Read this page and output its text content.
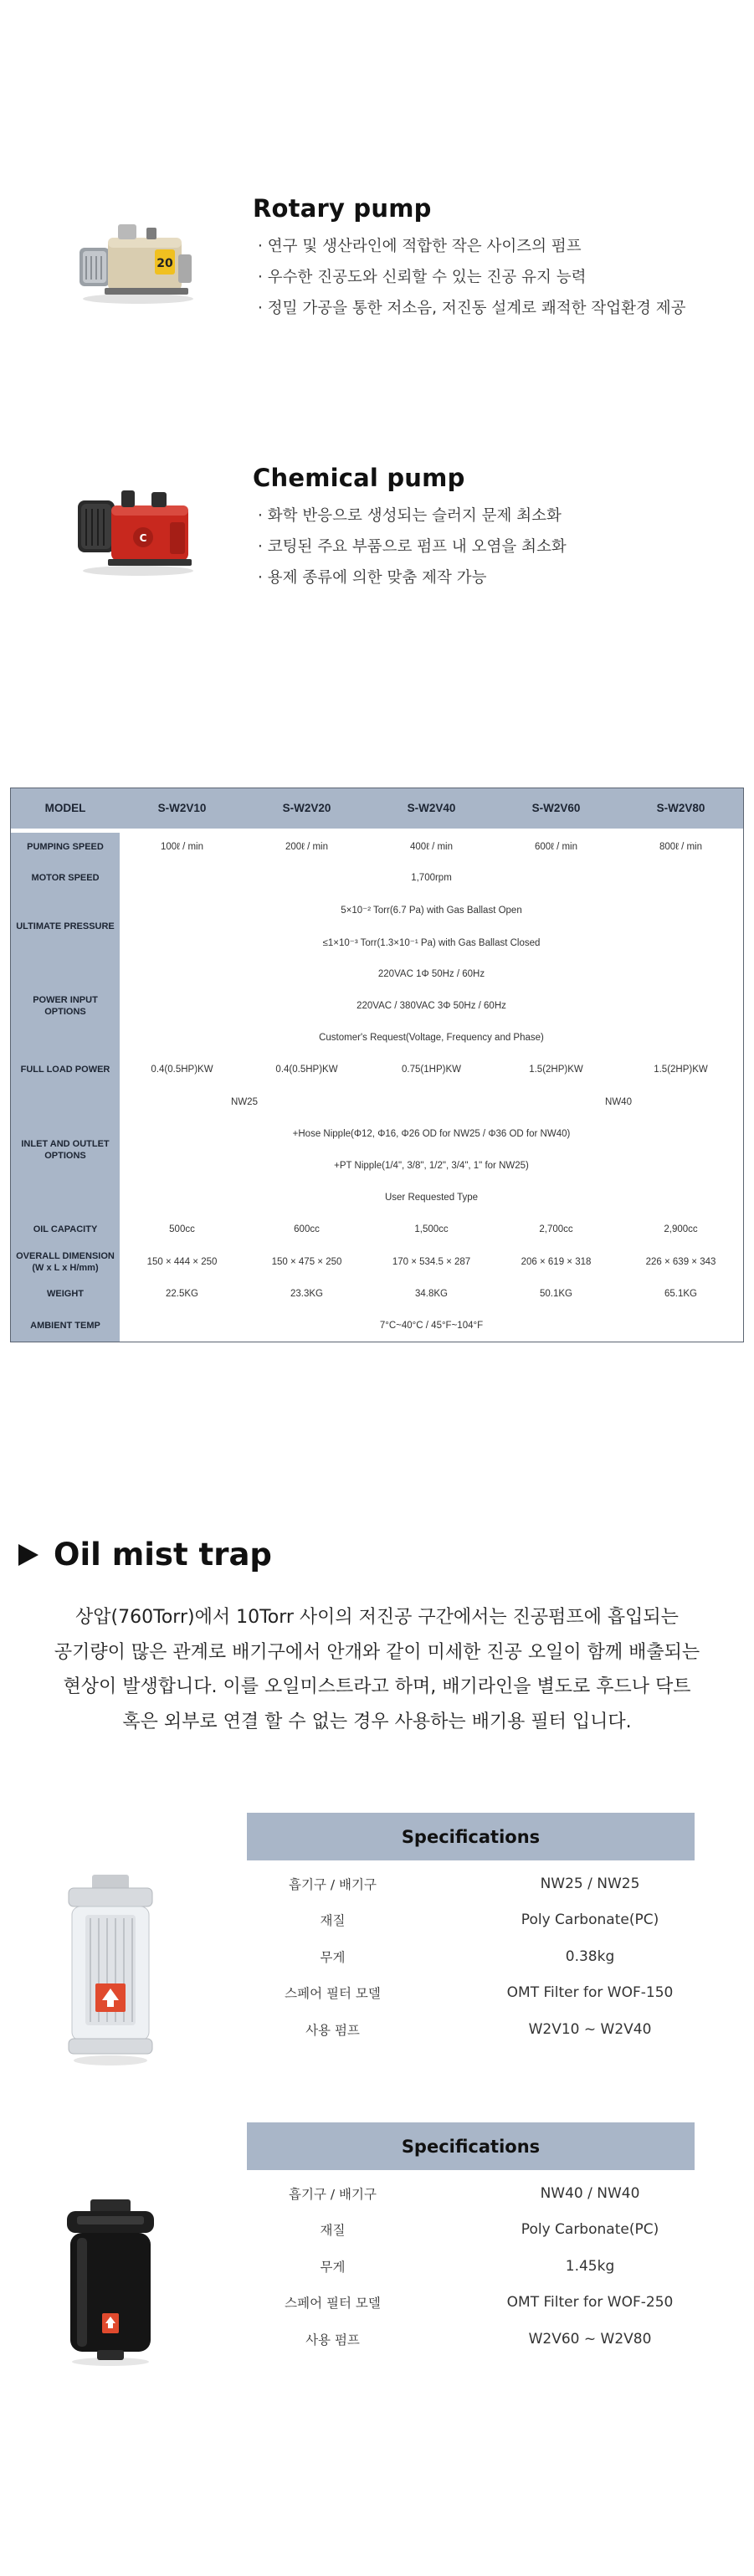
20
Rotary pump
· 연구 및 생산라인에 적합한 작은 사이즈의 펌프
· 우수한 진공도와 신뢰할 수 있는 진공 유지 능력
· 정밀 가공을 통한 저소음, 저진동 설계로 쾌적한 작업환경 제공
C
Chemical pump
· 화학 반응으로 생성되는 슬러지 문제 최소화
· 코팅된 주요 부품으로 펌프 내 오염을 최소화
· 용제 종류에 의한 맞춤 제작 가능
MODEL	S-W2V10	S-W2V20	S-W2V40	S-W2V60	S-W2V80
PUMPING SPEED	100ℓ / min	200ℓ / min	400ℓ / min	600ℓ / min	800ℓ / min
MOTOR SPEED	1,700rpm				
ULTIMATE PRESSURE	5×10⁻² Torr(6.7 Pa) with Gas Ballast Open				
	≤1×10⁻³ Torr(1.3×10⁻¹ Pa) with Gas Ballast Closed				
POWER INPUT OPTIONS	220VAC 1Φ 50Hz / 60Hz				
	220VAC / 380VAC 3Φ 50Hz / 60Hz				
	Customer's Request(Voltage, Frequency and Phase)				
FULL LOAD POWER	0.4(0.5HP)KW	0.4(0.5HP)KW	0.75(1HP)KW	1.5(2HP)KW	1.5(2HP)KW
INLET AND OUTLET OPTIONS	NW25			NW40	
	+Hose Nipple(Φ12, Φ16, Φ26 OD for NW25 / Φ36 OD for NW40)				
	+PT Nipple(1/4", 3/8", 1/2", 3/4", 1" for NW25)				
	User Requested Type				
OIL CAPACITY	500cc	600cc	1,500cc	2,700cc	2,900cc
OVERALL DIMENSION (W x L x H/mm)	150 × 444 × 250	150 × 475 × 250	170 × 534.5 × 287	206 × 619 × 318	226 × 639 × 343
WEIGHT	22.5KG	23.3KG	34.8KG	50.1KG	65.1KG
AMBIENT TEMP	7°C~40°C / 45°F~104°F				
Oil mist trap

상압(760Torr)에서 10Torr 사이의 저진공 구간에서는 진공펌프에 흡입되는

공기량이 많은 관계로 배기구에서 안개와 같이 미세한 진공 오일이 함께 배출되는

현상이 발생합니다. 이를 오일미스트라고 하며, 배기라인을 별도로 후드나 닥트

혹은 외부로 연결 할 수 없는 경우 사용하는 배기용 필터 입니다.

Specifications
흡기구 / 배기구	NW25 / NW25
재질	Poly Carbonate(PC)
무게	0.38kg
스페어 필터 모델	OMT Filter for WOF-150
사용 펌프	W2V10 ~ W2V40
Specifications
흡기구 / 배기구	NW40 / NW40
재질	Poly Carbonate(PC)
무게	1.45kg
스페어 필터 모델	OMT Filter for WOF-250
사용 펌프	W2V60 ~ W2V80
